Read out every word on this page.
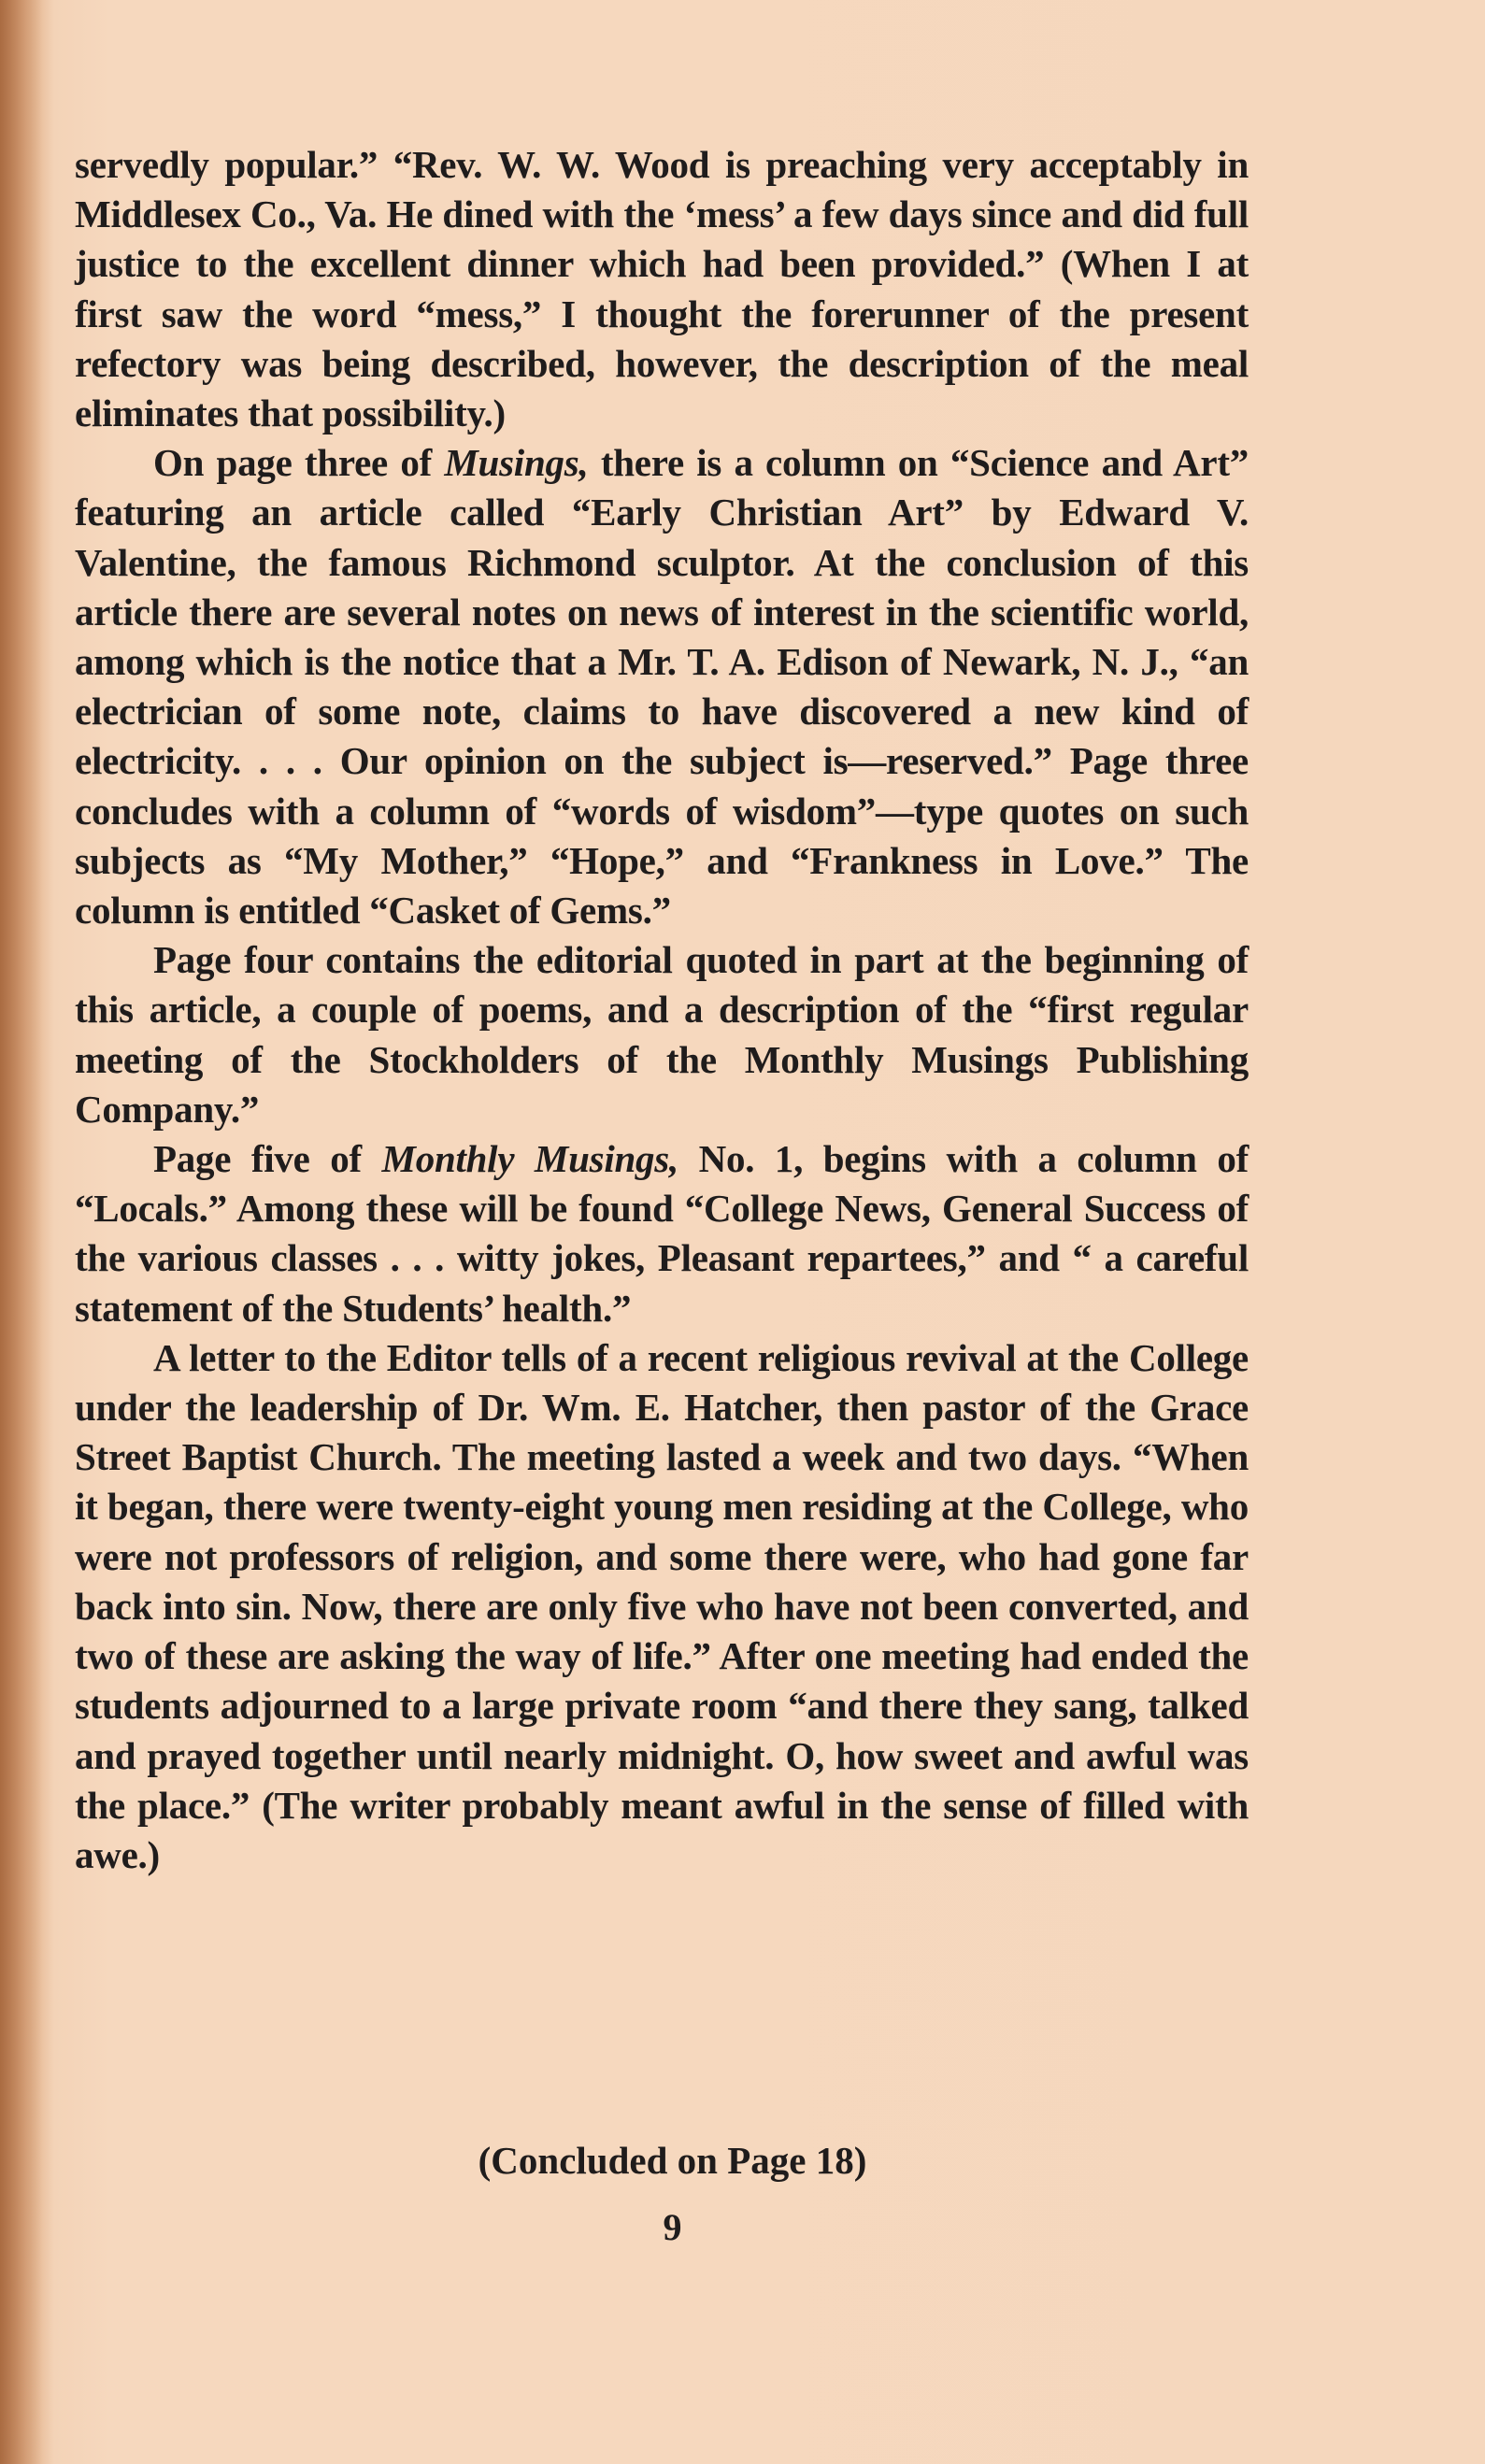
servedly popular.” “Rev. W. W. Wood is preaching very acceptably in Middlesex Co., Va. He dined with the ‘mess’ a few days since and did full justice to the excellent dinner which had been provided.” (When I at first saw the word “mess,” I thought the forerunner of the present refectory was being described, however, the description of the meal eliminates that possibility.)

On page three of Musings, there is a column on “Science and Art” featuring an article called “Early Christian Art” by Edward V. Valentine, the famous Richmond sculptor. At the conclusion of this article there are several notes on news of interest in the scientific world, among which is the notice that a Mr. T. A. Edison of Newark, N. J., “an electrician of some note, claims to have discovered a new kind of electricity. . . . Our opinion on the subject is—reserved.” Page three concludes with a column of “words of wisdom”—type quotes on such subjects as “My Mother,” “Hope,” and “Frankness in Love.” The column is entitled “Casket of Gems.”

Page four contains the editorial quoted in part at the beginning of this article, a couple of poems, and a description of the “first regular meeting of the Stockholders of the Monthly Musings Publishing Company.”

Page five of Monthly Musings, No. 1, begins with a column of “Locals.” Among these will be found “College News, General Success of the various classes . . . witty jokes, Pleasant repartees,” and “ a careful statement of the Students’ health.”

A letter to the Editor tells of a recent religious revival at the College under the leadership of Dr. Wm. E. Hatcher, then pastor of the Grace Street Baptist Church. The meeting lasted a week and two days. “When it began, there were twenty-eight young men residing at the College, who were not professors of religion, and some there were, who had gone far back into sin. Now, there are only five who have not been converted, and two of these are asking the way of life.” After one meeting had ended the students adjourned to a large private room “and there they sang, talked and prayed together until nearly midnight. O, how sweet and awful was the place.” (The writer probably meant awful in the sense of filled with awe.)

(Concluded on Page 18)
9
